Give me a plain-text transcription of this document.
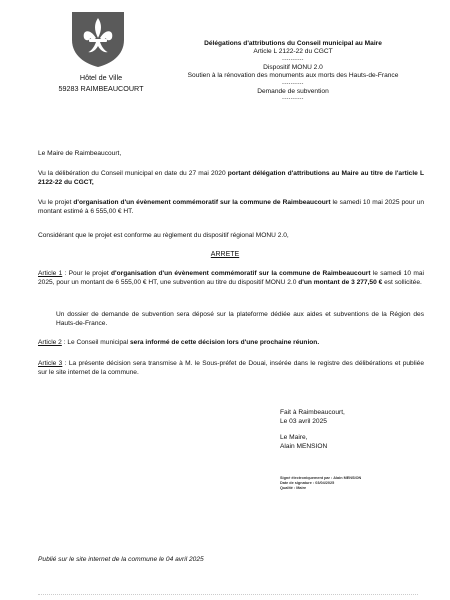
Hôtel de Ville
59283 RAIMBEAUCOURT
Délégations d'attributions du Conseil municipal au Maire
Article L 2122-22 du CGCT
----------
Dispositif MONU 2.0
Soutien à la rénovation des monuments aux morts des Hauts-de-France
----------
Demande de subvention
----------
Le Maire de Raimbeaucourt,
Vu la délibération du Conseil municipal en date du 27 mai 2020 portant délégation d'attributions au Maire au titre de l'article L 2122-22 du CGCT,
Vu le projet d'organisation d'un évènement commémoratif sur la commune de Raimbeaucourt le samedi 10 mai 2025 pour un montant estimé à 6 555,00 € HT.
Considérant que le projet est conforme au règlement du dispositif régional MONU 2.0,
ARRETE
Article 1 : Pour le projet d'organisation d'un évènement commémoratif sur la commune de Raimbeaucourt le samedi 10 mai 2025, pour un montant de 6 555,00 € HT, une subvention au titre du dispositif MONU 2.0 d'un montant de 3 277,50 € est sollicitée.
Un dossier de demande de subvention sera déposé sur la plateforme dédiée aux aides et subventions de la Région des Hauts-de-France.
Article 2 : Le Conseil municipal sera informé de cette décision lors d'une prochaine réunion.
Article 3 : La présente décision sera transmise à M. le Sous-préfet de Douai, insérée dans le registre des délibérations et publiée sur le site internet de la commune.
Fait à Raimbeaucourt,
Le 03 avril 2025
Le Maire,
Alain MENSION
Signé électroniquement par : Alain MENSION
Date de signature : 03/04/2025
Qualité : Maire
Publié sur le site internet de la commune le 04 avril 2025
